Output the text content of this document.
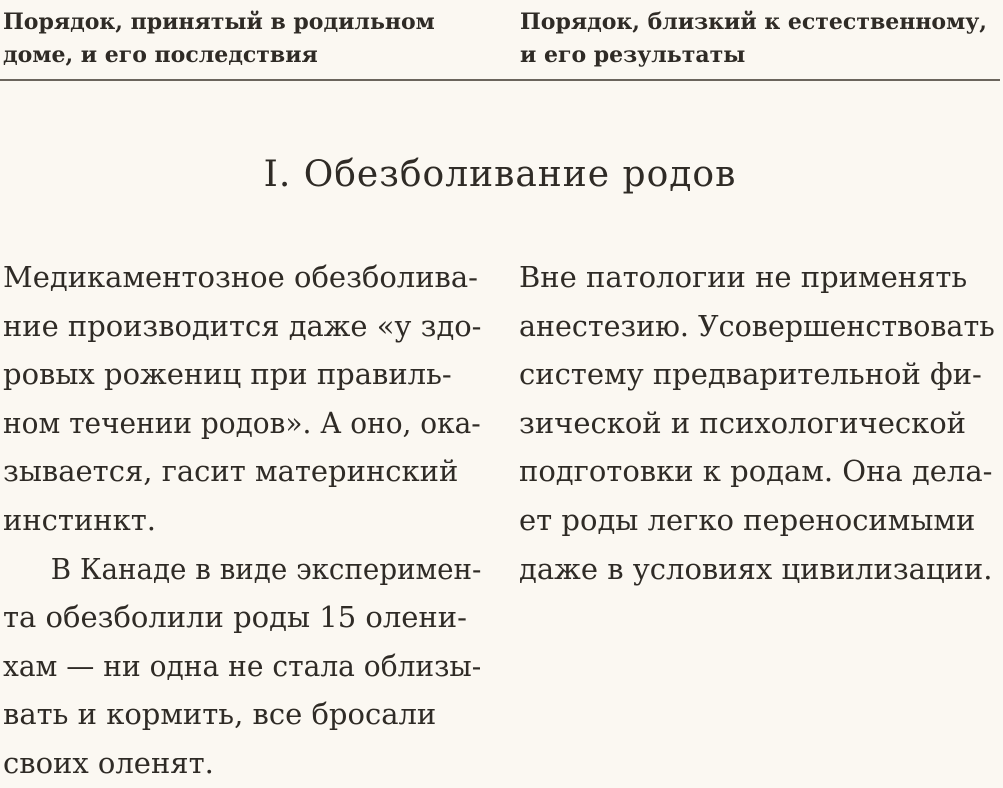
Порядок, принятый в родильном
доме, и его последствия
Порядок, близкий к естественному,
и его результаты
I. Обезболивание родов
Медикаментозное обезболива-
ние производится даже «у здо-
ровых рожениц при правиль-
ном течении родов». А оно, ока-
зывается, гасит материнский
инстинкт.
В Канаде в виде эксперимен-
та обезболили роды 15 олени-
хам — ни одна не стала облизы-
вать и кормить, все бросали
своих оленят.
Вне патологии не применять
анестезию. Усовершенствовать
систему предварительной фи-
зической и психологической
подготовки к родам. Она дела-
ет роды легко переносимыми
даже в условиях цивилизации.
